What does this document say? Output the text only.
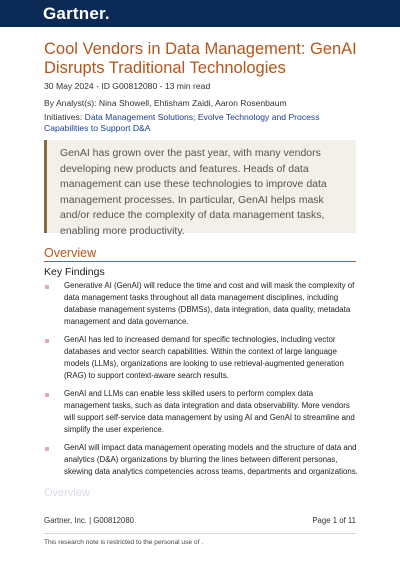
Gartner.
Cool Vendors in Data Management: GenAI Disrupts Traditional Technologies
30 May 2024 - ID G00812080 - 13 min read
By Analyst(s): Nina Showell, Ehtisham Zaidi, Aaron Rosenbaum
Initiatives: Data Management Solutions; Evolve Technology and Process Capabilities to Support D&A
GenAI has grown over the past year, with many vendors developing new products and features. Heads of data management can use these technologies to improve data management processes. In particular, GenAI helps mask and/or reduce the complexity of data management tasks, enabling more productivity.
Overview
Key Findings
Generative AI (GenAI) will reduce the time and cost and will mask the complexity of data management tasks throughout all data management disciplines, including database management systems (DBMSs), data integration, data quality, metadata management and data governance.
GenAI has led to increased demand for specific technologies, including vector databases and vector search capabilities. Within the context of large language models (LLMs), organizations are looking to use retrieval-augmented generation (RAG) to support context-aware search results.
GenAI and LLMs can enable less skilled users to perform complex data management tasks, such as data integration and data observability. More vendors will support self-service data management by using AI and GenAI to streamline and simplify the user experience.
GenAI will impact data management operating models and the structure of data and analytics (D&A) organizations by blurring the lines between different personas, skewing data analytics competencies across teams, departments and organizations.
Overview
Gartner, Inc. | G00812080	Page 1 of 11
This research note is restricted to the personal use of .
